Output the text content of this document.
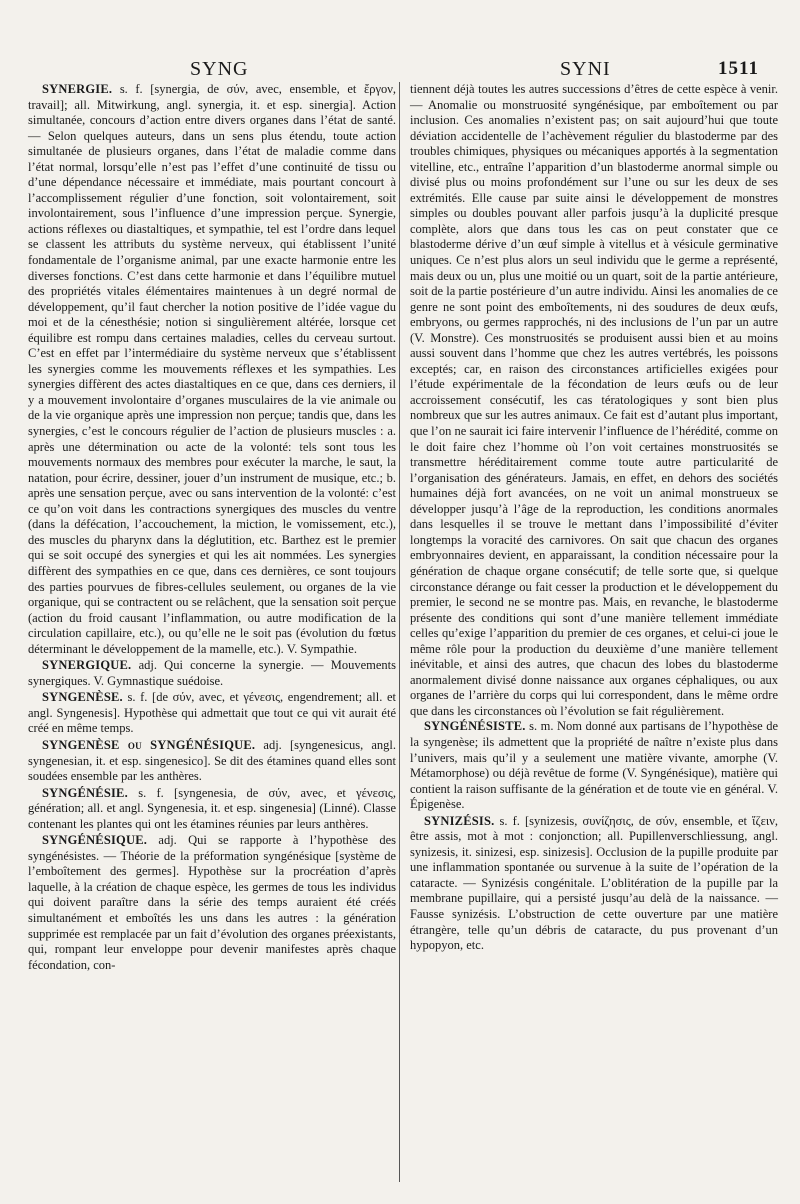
SYNG	SYNI	1511

SYNERGIE. s. f. [synergia, de σύν, avec, ensemble, et ἔργον, travail]; all. Mitwirkung, angl. synergia, it. et esp. sinergia]. Action simultanée, concours d’action entre divers organes dans l’état de santé. — Selon quelques auteurs, dans un sens plus étendu, toute action simultanée de plusieurs organes, dans l’état de maladie comme dans l’état normal, lorsqu’elle n’est pas l’effet d’une continuité de tissu ou d’une dépendance nécessaire et immédiate, mais pourtant concourt à l’accomplissement régulier d’une fonction, soit volontairement, soit involontairement, sous l’influence d’une impression perçue. Synergie, actions réflexes ou diastaltiques, et sympathie, tel est l’ordre dans lequel se classent les attributs du système nerveux, qui établissent l’unité fondamentale de l’organisme animal, par une exacte harmonie entre les diverses fonctions. C’est dans cette harmonie et dans l’équilibre mutuel des propriétés vitales élémentaires maintenues à un degré normal de développement, qu’il faut chercher la notion positive de l’idée vague du moi et de la cénesthésie; notion si singulièrement altérée, lorsque cet équilibre est rompu dans certaines maladies, celles du cerveau surtout. C’est en effet par l’intermédiaire du système nerveux que s’établissent les synergies comme les mouvements réflexes et les sympathies. Les synergies diffèrent des actes diastaltiques en ce que, dans ces derniers, il y a mouvement involontaire d’organes musculaires de la vie animale ou de la vie organique après une impression non perçue; tandis que, dans les synergies, c’est le concours régulier de l’action de plusieurs muscles : a. après une détermination ou acte de la volonté: tels sont tous les mouvements normaux des membres pour exécuter la marche, le saut, la natation, pour écrire, dessiner, jouer d’un instrument de musique, etc.; b. après une sensation perçue, avec ou sans intervention de la volonté: c’est ce qu’on voit dans les contractions synergiques des muscles du ventre (dans la défécation, l’accouchement, la miction, le vomissement, etc.), des muscles du pharynx dans la déglutition, etc. Barthez est le premier qui se soit occupé des synergies et qui les ait nommées. Les synergies diffèrent des sympathies en ce que, dans ces dernières, ce sont toujours des parties pourvues de fibres-cellules seulement, ou organes de la vie organique, qui se contractent ou se relâchent, que la sensation soit perçue (action du froid causant l’inflammation, ou autre modification de la circulation capillaire, etc.), ou qu’elle ne le soit pas (évolution du fœtus déterminant le développement de la mamelle, etc.). V. Sympathie.

SYNERGIQUE. adj. Qui concerne la synergie. — Mouvements synergiques. V. Gymnastique suédoise.

SYNGENÈSE. s. f. [de σύν, avec, et γένεσις, engendrement; all. et angl. Syngenesis]. Hypothèse qui admettait que tout ce qui vit aurait été créé en même temps.

SYNGENÈSE ou SYNGÉNÉSIQUE. adj. [syngenesicus, angl. syngenesian, it. et esp. singenesico]. Se dit des étamines quand elles sont soudées ensemble par les anthères.

SYNGÉNÉSIE. s. f. [syngenesia, de σύν, avec, et γένεσις, génération; all. et angl. Syngenesia, it. et esp. singenesia] (Linné). Classe contenant les plantes qui ont les étamines réunies par leurs anthères.

SYNGÉNÉSIQUE. adj. Qui se rapporte à l’hypothèse des syngénésistes. — Théorie de la préformation syngénésique [système de l’emboîtement des germes]. Hypothèse sur la procréation d’après laquelle, à la création de chaque espèce, les germes de tous les individus qui doivent paraître dans la série des temps auraient été créés simultanément et emboîtés les uns dans les autres : la génération supprimée est remplacée par un fait d’évolution des organes préexistants, qui, rompant leur enveloppe pour devenir manifestes après chaque fécondation, con-

tiennent déjà toutes les autres successions d’êtres de cette espèce à venir. — Anomalie ou monstruosité syngénésique, par emboîtement ou par inclusion. Ces anomalies n’existent pas; on sait aujourd’hui que toute déviation accidentelle de l’achèvement régulier du blastoderme par des troubles chimiques, physiques ou mécaniques apportés à la segmentation vitelline, etc., entraîne l’apparition d’un blastoderme anormal simple ou divisé plus ou moins profondément sur l’une ou sur les deux de ses extrémités. Elle cause par suite ainsi le développement de monstres simples ou doubles pouvant aller parfois jusqu’à la duplicité presque complète, alors que dans tous les cas on peut constater que ce blastoderme dérive d’un œuf simple à vitellus et à vésicule germinative uniques. Ce n’est plus alors un seul individu que le germe a représenté, mais deux ou un, plus une moitié ou un quart, soit de la partie antérieure, soit de la partie postérieure d’un autre individu. Ainsi les anomalies de ce genre ne sont point des emboîtements, ni des soudures de deux œufs, embryons, ou germes rapprochés, ni des inclusions de l’un par un autre (V. Monstre). Ces monstruosités se produisent aussi bien et au moins aussi souvent dans l’homme que chez les autres vertébrés, les poissons exceptés; car, en raison des circonstances artificielles exigées pour l’étude expérimentale de la fécondation de leurs œufs ou de leur accroissement consécutif, les cas tératologiques y sont bien plus nombreux que sur les autres animaux. Ce fait est d’autant plus important, que l’on ne saurait ici faire intervenir l’influence de l’hérédité, comme on le doit faire chez l’homme où l’on voit certaines monstruosités se transmettre héréditairement comme toute autre particularité de l’organisation des générateurs. Jamais, en effet, en dehors des sociétés humaines déjà fort avancées, on ne voit un animal monstrueux se développer jusqu’à l’âge de la reproduction, les conditions anormales dans lesquelles il se trouve le mettant dans l’impossibilité d’éviter longtemps la voracité des carnivores. On sait que chacun des organes embryonnaires devient, en apparaissant, la condition nécessaire pour la génération de chaque organe consécutif; de telle sorte que, si quelque circonstance dérange ou fait cesser la production et le développement du premier, le second ne se montre pas. Mais, en revanche, le blastoderme présente des conditions qui sont d’une manière tellement immédiate celles qu’exige l’apparition du premier de ces organes, et celui-ci joue le même rôle pour la production du deuxième d’une manière tellement inévitable, et ainsi des autres, que chacun des lobes du blastoderme anormalement divisé donne naissance aux organes céphaliques, ou aux organes de l’arrière du corps qui lui correspondent, dans le même ordre que dans les circonstances où l’évolution se fait régulièrement.

SYNGÉNÉSISTE. s. m. Nom donné aux partisans de l’hypothèse de la syngenèse; ils admettent que la propriété de naître n’existe plus dans l’univers, mais qu’il y a seulement une matière vivante, amorphe (V. Métamorphose) ou déjà revêtue de forme (V. Syngénésique), matière qui contient la raison suffisante de la génération et de toute vie en général. V. Épigenèse.

SYNIZÉSIS. s. f. [synizesis, συνίζησις, de σύν, ensemble, et ἵζειν, être assis, mot à mot : conjonction; all. Pupillenverschliessung, angl. synizesis, it. sinizesi, esp. sinizesis]. Occlusion de la pupille produite par une inflammation spontanée ou survenue à la suite de l’opération de la cataracte. — Synizésis congénitale. L’oblitération de la pupille par la membrane pupillaire, qui a persisté jusqu’au delà de la naissance. — Fausse synizésis. L’obstruction de cette ouverture par une matière étrangère, telle qu’un débris de cataracte, du pus provenant d’un hypopyon, etc.
